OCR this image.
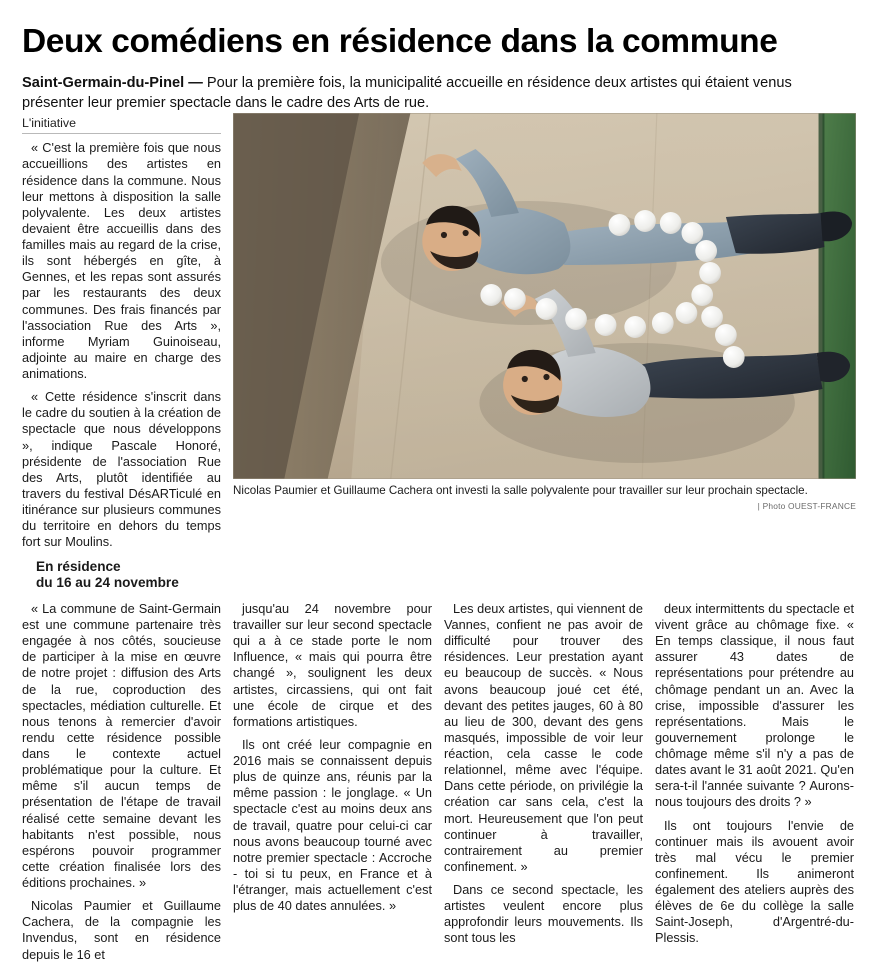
Deux comédiens en résidence dans la commune
Saint-Germain-du-Pinel — Pour la première fois, la municipalité accueille en résidence deux artistes qui étaient venus présenter leur premier spectacle dans le cadre des Arts de rue.
L'initiative

« C'est la première fois que nous accueillions des artistes en résidence dans la commune. Nous leur mettons à disposition la salle polyvalente. Les deux artistes devaient être accueillis dans des familles mais au regard de la crise, ils sont hébergés en gîte, à Gennes, et les repas sont assurés par les restaurants des deux communes. Des frais financés par l'association Rue des Arts », informe Myriam Guinoiseau, adjointe au maire en charge des animations.

« Cette résidence s'inscrit dans le cadre du soutien à la création de spectacle que nous développons », indique Pascale Honoré, présidente de l'association Rue des Arts, plutôt identifiée au travers du festival DésARTiculé en itinérance sur plusieurs communes du territoire en dehors du temps fort sur Moulins.

En résidence
du 16 au 24 novembre
Nicolas Paumier et Guillaume Cachera ont investi la salle polyvalente pour travailler sur leur prochain spectacle.
| Photo OUEST-FRANCE

« La commune de Saint-Germain est une commune partenaire très engagée à nos côtés, soucieuse de participer à la mise en œuvre de notre projet : diffusion des Arts de la rue, coproduction des spectacles, médiation culturelle. Et nous tenons à remercier d'avoir rendu cette résidence possible dans le contexte actuel problématique pour la culture. Et même s'il aucun temps de présentation de l'étape de travail réalisé cette semaine devant les habitants n'est possible, nous espérons pouvoir programmer cette création finalisée lors des éditions prochaines. »

Nicolas Paumier et Guillaume Cachera, de la compagnie les Invendus, sont en résidence depuis le 16 et

jusqu'au 24 novembre pour travailler sur leur second spectacle qui a à ce stade porte le nom Influence, « mais qui pourra être changé », soulignent les deux artistes, circassiens, qui ont fait une école de cirque et des formations artistiques.

Ils ont créé leur compagnie en 2016 mais se connaissent depuis plus de quinze ans, réunis par la même passion : le jonglage. « Un spectacle c'est au moins deux ans de travail, quatre pour celui-ci car nous avons beaucoup tourné avec notre premier spectacle : Accroche - toi si tu peux, en France et à l'étranger, mais actuellement c'est plus de 40 dates annulées. »

Les deux artistes, qui viennent de Vannes, confient ne pas avoir de difficulté pour trouver des résidences. Leur prestation ayant eu beaucoup de succès. « Nous avons beaucoup joué cet été, devant des petites jauges, 60 à 80 au lieu de 300, devant des gens masqués, impossible de voir leur réaction, cela casse le code relationnel, même avec l'équipe. Dans cette période, on privilégie la création car sans cela, c'est la mort. Heureusement que l'on peut continuer à travailler, contrairement au premier confinement. »

Dans ce second spectacle, les artistes veulent encore plus approfondir leurs mouvements. Ils sont tous les

deux intermittents du spectacle et vivent grâce au chômage fixe. « En temps classique, il nous faut assurer 43 dates de représentations pour prétendre au chômage pendant un an. Avec la crise, impossible d'assurer les représentations. Mais le gouvernement prolonge le chômage même s'il n'y a pas de dates avant le 31 août 2021. Qu'en sera-t-il l'année suivante ? Aurons-nous toujours des droits ? »

Ils ont toujours l'envie de continuer mais ils avouent avoir très mal vécu le premier confinement. Ils animeront également des ateliers auprès des élèves de 6e du collège la salle Saint-Joseph, d'Argentré-du-Plessis.
